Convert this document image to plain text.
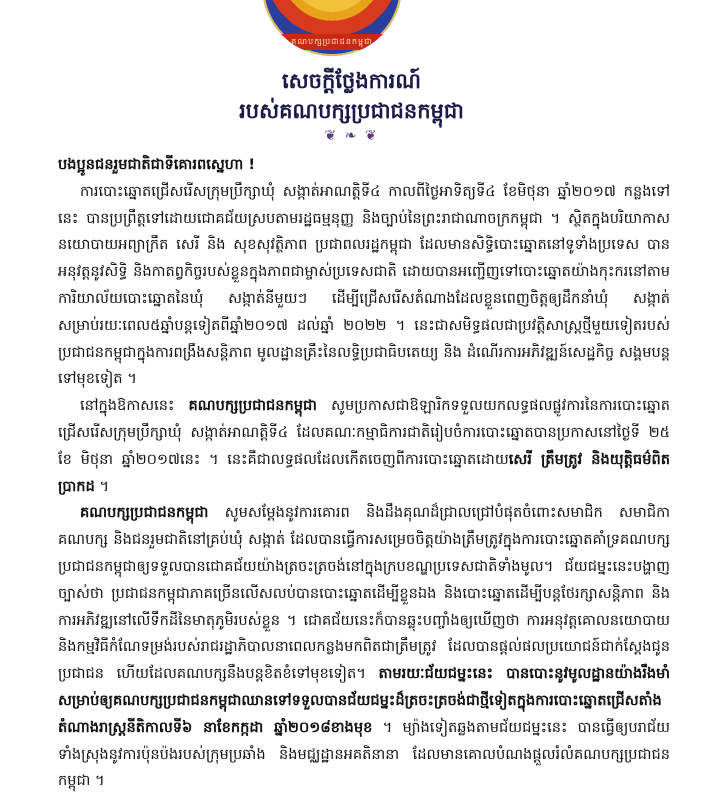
គណបក្សប្រជាជនកម្ពុជា
សេចក្ដីថ្លែងការណ៍
របស់គណបក្សប្រជាជនកម្ពុជា
❦ ❧ ❦

បងប្អូនជនរួមជាតិជាទីគោរពស្នេហា !

ការបោះឆ្នោតជ្រើសរើសក្រុមប្រឹក្សាឃុំ សង្កាត់អាណត្តិទី៤ កាលពីថ្ងៃអាទិត្យទី៤ ខែមិថុនា ឆ្នាំ២០១៧ កន្លងទៅនេះ បានប្រព្រឹត្តទៅដោយជោគជ័យស្របតាមរដ្ឋធម្មនុញ្ញ និងច្បាប់នៃព្រះរាជាណាចក្រកម្ពុជា ។ ស្ថិតក្នុងបរិយាកាសនយោបាយអព្យាក្រឹត សេរី និង សុខសុវត្ថិភាព ប្រជាពលរដ្ឋកម្ពុជា ដែលមានសិទ្ធិបោះឆ្នោតនៅទូទាំងប្រទេស បានអនុវត្តនូវសិទ្ធិ និងកាតព្វកិច្ចរបស់ខ្លួនក្នុងភាពជាម្ចាស់ប្រទេសជាតិ ដោយបានអញ្ជើញទៅបោះឆ្នោតយ៉ាងកុះករនៅតាមការិយាល័យបោះឆ្នោតនៃឃុំ សង្កាត់នីមួយៗ ដើម្បីជ្រើសរើសតំណាងដែលខ្លួនពេញចិត្តឲ្យដឹកនាំឃុំ សង្កាត់សម្រាប់រយៈពេល៥ឆ្នាំបន្តទៀតពីឆ្នាំ២០១៧ ដល់ឆ្នាំ ២០២២ ។ នេះជាសមិទ្ធផលជាប្រវត្តិសាស្ត្រថ្មីមួយទៀតរបស់ប្រជាជនកម្ពុជាក្នុងការពង្រឹងសន្តិភាព មូលដ្ឋានគ្រឹះនៃលទ្ធិប្រជាធិបតេយ្យ និង ដំណើរការអភិវឌ្ឍន៍សេដ្ឋកិច្ច សង្គមបន្តទៅមុខទៀត ។

នៅក្នុងឱកាសនេះ គណបក្សប្រជាជនកម្ពុជា សូមប្រកាសជាឱឡារិកទទួលយកលទ្ធផលផ្លូវការនៃការបោះឆ្នោតជ្រើសរើសក្រុមប្រឹក្សាឃុំ សង្កាត់អាណត្តិទី៤ ដែលគណៈកម្មាធិការជាតិរៀបចំការបោះឆ្នោតបានប្រកាសនៅថ្ងៃទី ២៥ ខែ មិថុនា ឆ្នាំ២០១៧នេះ ។ នេះគឺជាលទ្ធផលដែលកើតចេញពីការបោះឆ្នោតដោយសេរី ត្រឹមត្រូវ និងយុត្តិធម៌ពិតប្រាកដ ។

គណបក្សប្រជាជនកម្ពុជា សូមសម្ដែងនូវការគោរព និងដឹងគុណដ៏ជ្រាលជ្រៅបំផុតចំពោះសមាជិក សមាជិកាគណបក្ស និងជនរួមជាតិនៅគ្រប់ឃុំ សង្កាត់ ដែលបានធ្វើការសម្រេចចិត្តយ៉ាងត្រឹមត្រូវក្នុងការបោះឆ្នោតគាំទ្រគណបក្សប្រជាជនកម្ពុជាឲ្យទទួលបានជោគជ័យយ៉ាងត្រចះត្រចង់នៅក្នុងក្របខណ្ឌប្រទេសជាតិទាំងមូល។ ជ័យជម្នះនេះបង្ហាញច្បាស់ថា ប្រជាជនកម្ពុជាភាគច្រើនលើសលប់បានបោះឆ្នោតដើម្បីខ្លួនឯង និងបោះឆ្នោតដើម្បីបន្តថែរក្សាសន្តិភាព និងការអភិវឌ្ឍនៅលើទឹកដីនៃមាតុភូមិរបស់ខ្លួន ។ ជោគជ័យនេះក៏បានឆ្លុះបញ្ចាំងឲ្យឃើញថា ការអនុវត្តគោលនយោបាយ និងកម្មវិធីកំណែទម្រង់របស់រាជរដ្ឋាភិបាលនាពេលកន្លងមកពិតជាត្រឹមត្រូវ ដែលបានផ្ដល់ផលប្រយោជន៍ជាក់ស្ដែងជូនប្រជាជន ហើយដែលគណបក្សនឹងបន្តខិតខំទៅមុខទៀត។ តាមរយៈជ័យជម្នះនេះ បានបោះនូវមូលដ្ឋានយ៉ាងរឹងមាំសម្រាប់ឲ្យគណបក្សប្រជាជនកម្ពុជាឈានទៅទទួលបានជ័យជម្នះដ៏ត្រចះត្រចង់ជាថ្មីទៀតក្នុងការបោះឆ្នោតជ្រើសតាំងតំណាងរាស្ត្រនីតិកាលទី៦ នាខែកក្កដា ឆ្នាំ២០១៨ខាងមុខ ។ ម្យ៉ាងទៀតឆ្លងតាមជ័យជម្នះនេះ បានធ្វើឲ្យបរាជ័យទាំងស្រុងនូវការប៉ុនប៉ងរបស់ក្រុមប្រឆាំង និងមជ្ឈដ្ឋានអគតិនានា ដែលមានគោលបំណងផ្ដួលរំលំគណបក្សប្រជាជនកម្ពុជា ។
